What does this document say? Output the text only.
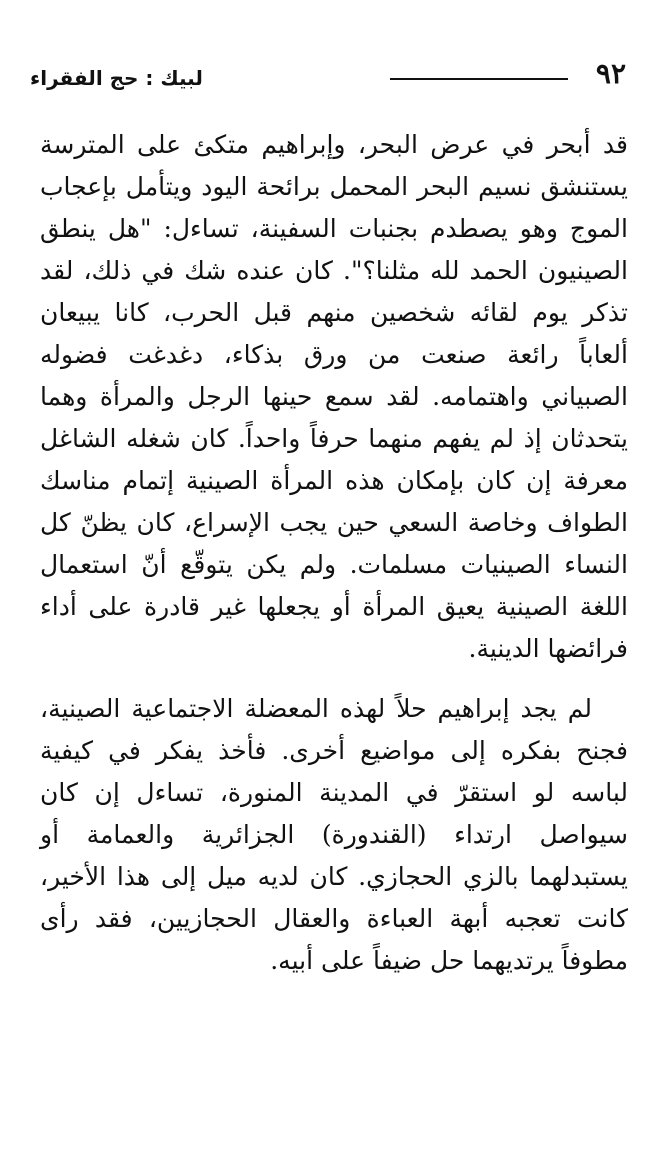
٩٢
لبيك : حج الفقراء

قد أبحر في عرض البحر، وإبراهيم متكئ على المترسة يستنشق نسيم البحر المحمل برائحة اليود ويتأمل بإعجاب الموج وهو يصطدم بجنبات السفينة، تساءل: "هل ينطق الصينيون الحمد لله مثلنا؟". كان عنده شك في ذلك، لقد تذكر يوم لقائه شخصين منهم قبل الحرب، كانا يبيعان ألعاباً رائعة صنعت من ورق بذكاء، دغدغت فضوله الصبياني واهتمامه. لقد سمع حينها الرجل والمرأة وهما يتحدثان إذ لم يفهم منهما حرفاً واحداً. كان شغله الشاغل معرفة إن كان بإمكان هذه المرأة الصينية إتمام مناسك الطواف وخاصة السعي حين يجب الإسراع، كان يظنّ كل النساء الصينيات مسلمات. ولم يكن يتوقّع أنّ استعمال اللغة الصينية يعيق المرأة أو يجعلها غير قادرة على أداء فرائضها الدينية.

لم يجد إبراهيم حلاً لهذه المعضلة الاجتماعية الصينية، فجنح بفكره إلى مواضيع أخرى. فأخذ يفكر في كيفية لباسه لو استقرّ في المدينة المنورة، تساءل إن كان سيواصل ارتداء (القندورة) الجزائرية والعمامة أو يستبدلهما بالزي الحجازي. كان لديه ميل إلى هذا الأخير، كانت تعجبه أبهة العباءة والعقال الحجازيين، فقد رأى مطوفاً يرتديهما حل ضيفاً على أبيه.
